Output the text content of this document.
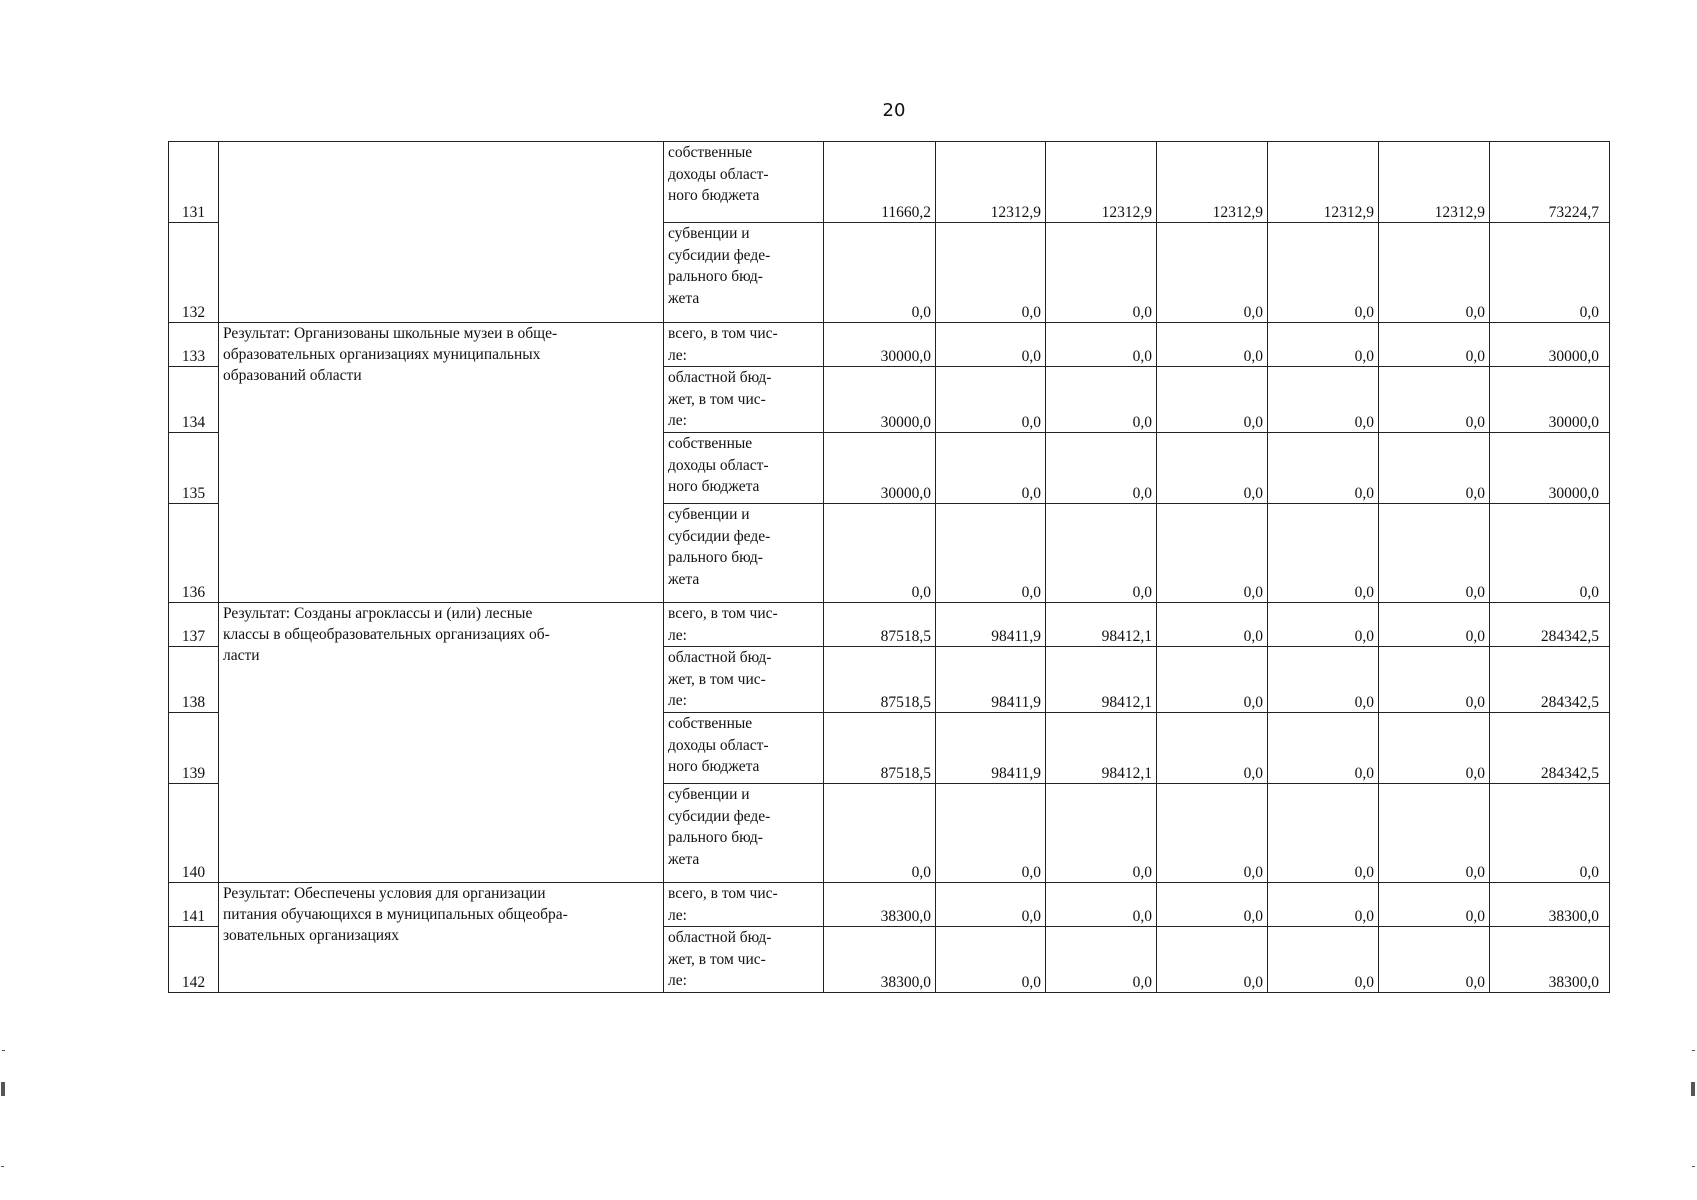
20
131		собственные
доходы област-
ного бюджета	11660,2	12312,9	12312,9	12312,9	12312,9	12312,9	73224,7
132		субвенции и
субсидии феде-
рального бюд-
жета	0,0	0,0	0,0	0,0	0,0	0,0	0,0
133	Результат: Организованы школьные музеи в обще-
образовательных организациях муниципальных
образований области	всего, в том чис-
ле:	30000,0	0,0	0,0	0,0	0,0	0,0	30000,0
134		областной бюд-
жет, в том чис-
ле:	30000,0	0,0	0,0	0,0	0,0	0,0	30000,0
135		собственные
доходы област-
ного бюджета	30000,0	0,0	0,0	0,0	0,0	0,0	30000,0
136		субвенции и
субсидии феде-
рального бюд-
жета	0,0	0,0	0,0	0,0	0,0	0,0	0,0
137	Результат: Созданы агроклассы и (или) лесные
классы в общеобразовательных организациях об-
ласти	всего, в том чис-
ле:	87518,5	98411,9	98412,1	0,0	0,0	0,0	284342,5
138		областной бюд-
жет, в том чис-
ле:	87518,5	98411,9	98412,1	0,0	0,0	0,0	284342,5
139		собственные
доходы област-
ного бюджета	87518,5	98411,9	98412,1	0,0	0,0	0,0	284342,5
140		субвенции и
субсидии феде-
рального бюд-
жета	0,0	0,0	0,0	0,0	0,0	0,0	0,0
141	Результат: Обеспечены условия для организации
питания обучающихся в муниципальных общеобра-
зовательных организациях	всего, в том чис-
ле:	38300,0	0,0	0,0	0,0	0,0	0,0	38300,0
142		областной бюд-
жет, в том чис-
ле:	38300,0	0,0	0,0	0,0	0,0	0,0	38300,0
